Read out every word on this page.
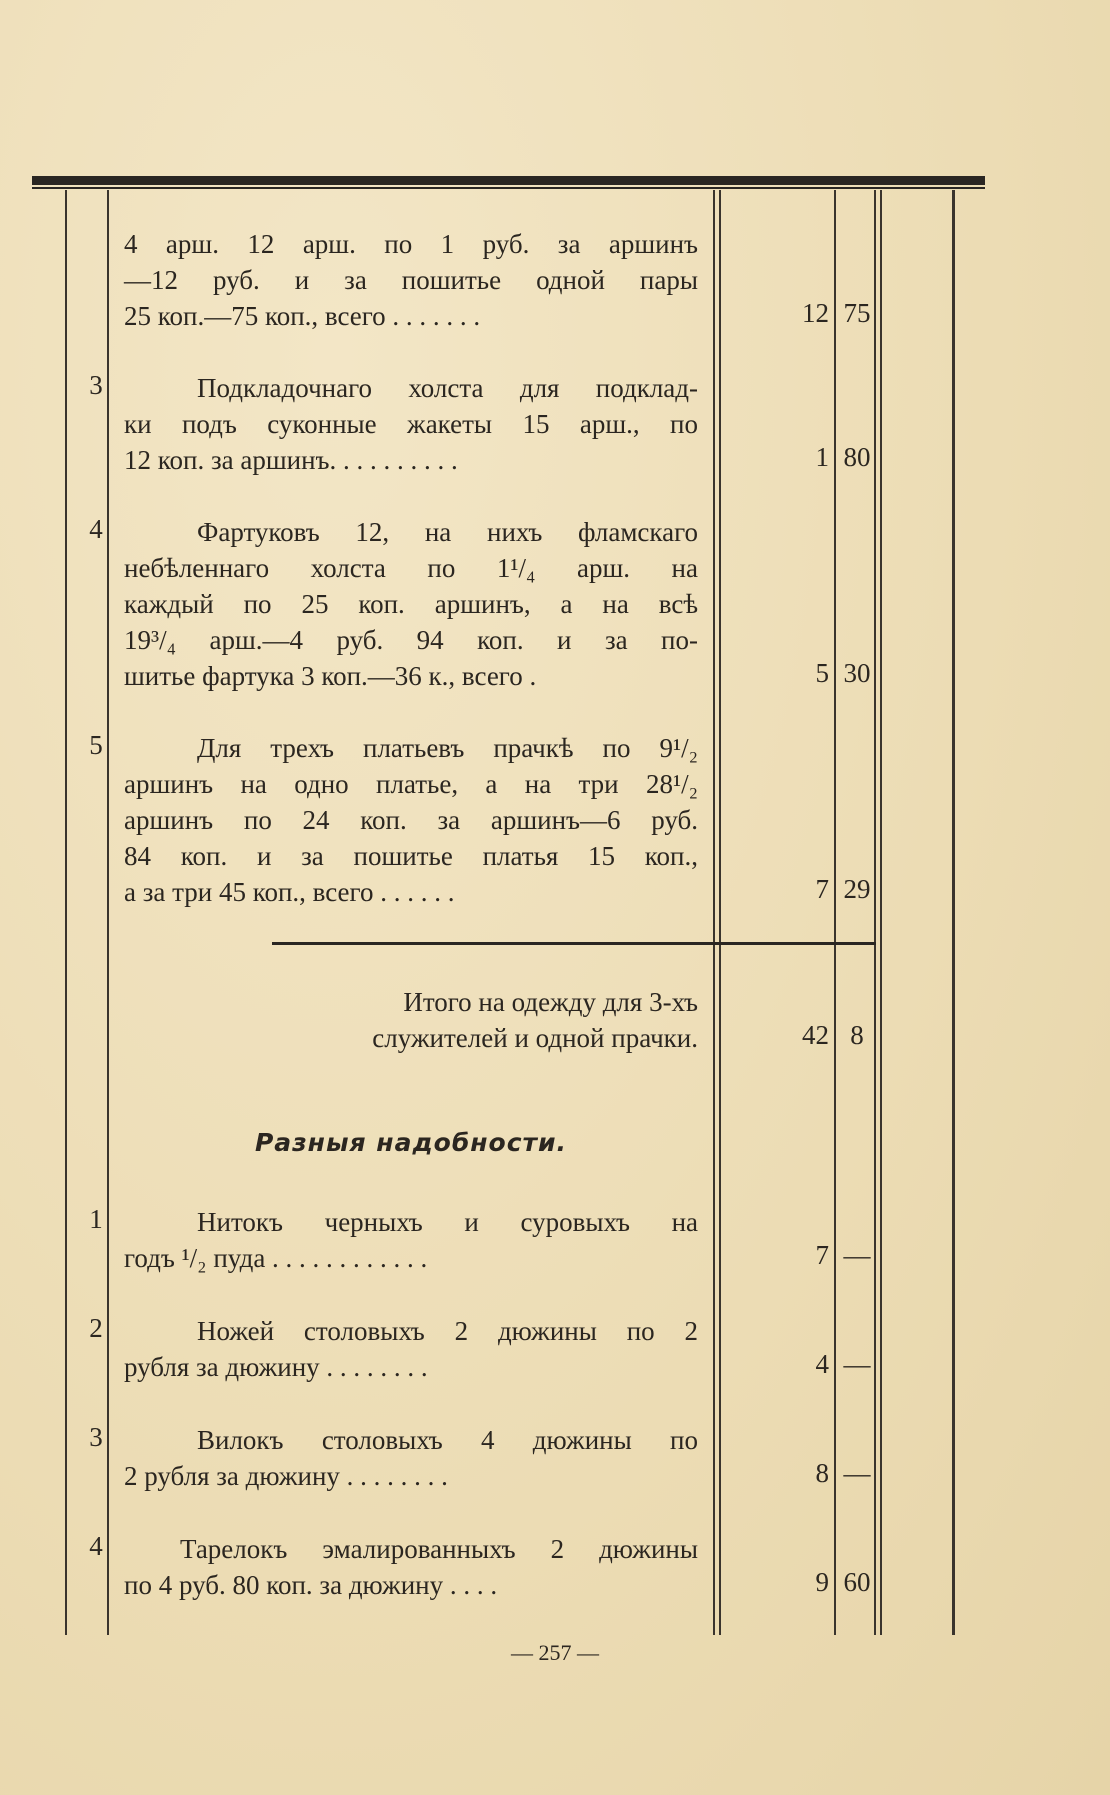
4 арш. 12 арш. по 1 руб. за аршинъ
—12 руб. и за пошитье одной пары
25 коп.—75 коп., всего . . . . . . .	12 75
3	Подкладочнаго холста для подклад-
ки подъ суконные жакеты 15 арш., по
12 коп. за аршинъ. . . . . . . . . .	1 80
4	Фартуковъ 12, на нихъ фламскаго
небѣленнаго холста по 1¹/₄ арш. на
каждый по 25 коп. аршинъ, а на всѣ
19³/₄ арш.—4 руб. 94 коп. и за по-
шитье фартука 3 коп.—36 к., всего .	5 30
5	Для трехъ платьевъ прачкѣ по 9¹/₂
аршинъ на одно платье, а на три 28¹/₂
аршинъ по 24 коп. за аршинъ—6 руб.
84 коп. и за пошитье платья 15 коп.,
а за три 45 коп., всего . . . . . .	7 29
Итого на одежду для 3-хъ
служителей и одной прачки.	42 8
Разныя надобности.
1	Нитокъ черныхъ и суровыхъ на
годъ ¹/₂ пуда . . . . . . . . . . . .	7 —
2	Ножей столовыхъ 2 дюжины по 2
рубля за дюжину . . . . . . . .	4 —
3	Вилокъ столовыхъ 4 дюжины по
2 рубля за дюжину . . . . . . . .	8 —
4	Тарелокъ эмалированныхъ 2 дюжины
по 4 руб. 80 коп. за дюжину . . . .	9 60
— 257 —
